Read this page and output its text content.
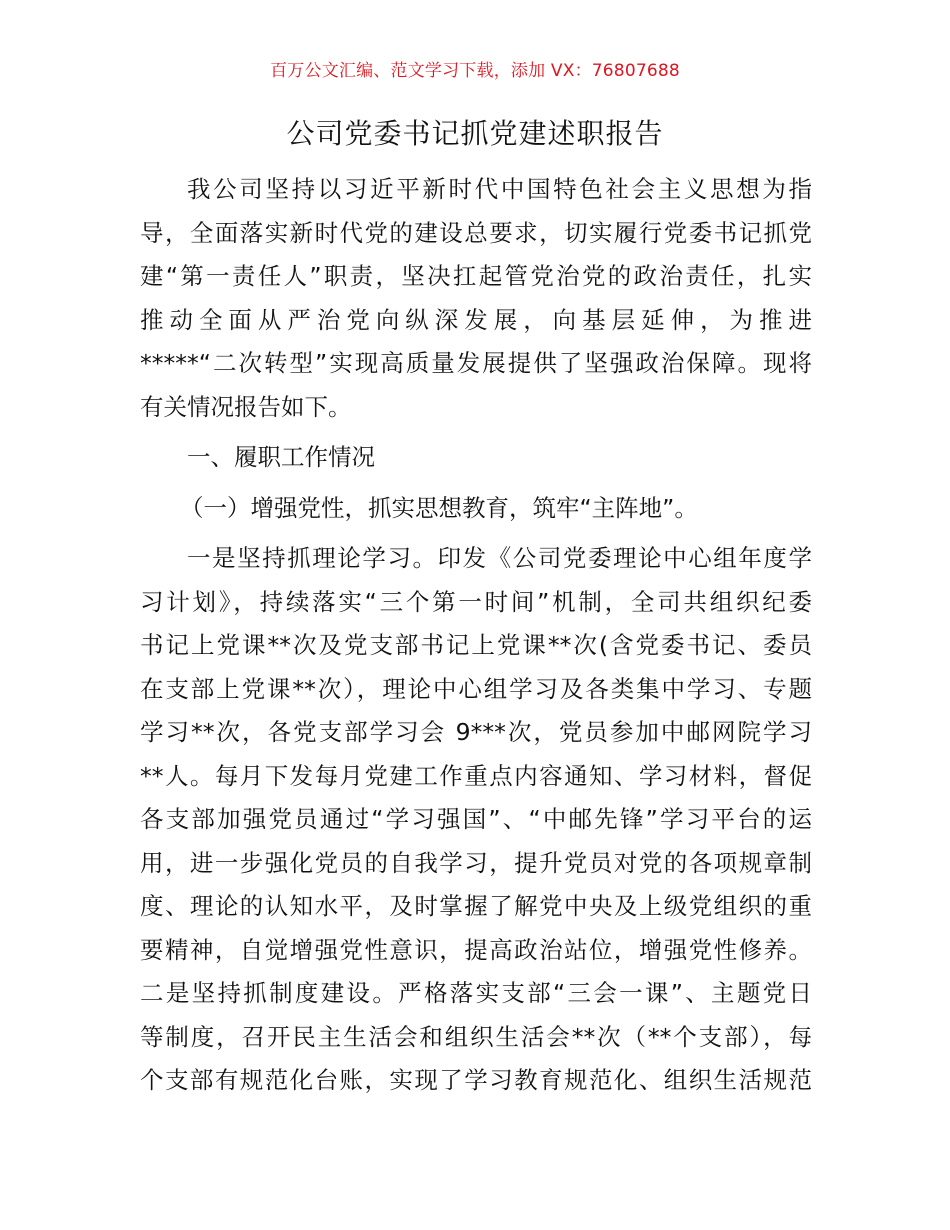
百万公文汇编、范文学习下载，添加 VX：76807688
公司党委书记抓党建述职报告
我公司坚持以习近平新时代中国特色社会主义思想为指
导，全面落实新时代党的建设总要求，切实履行党委书记抓党
建“第一责任人”职责，坚决扛起管党治党的政治责任，扎实
推动全面从严治党向纵深发展，向基层延伸，为推进
*****“二次转型”实现高质量发展提供了坚强政治保障。现将
有关情况报告如下。
一、履职工作情况
（一）增强党性，抓实思想教育，筑牢“主阵地”。
一是坚持抓理论学习。印发《公司党委理论中心组年度学
习计划》，持续落实“三个第一时间”机制，全司共组织纪委
书记上党课**次及党支部书记上党课**次(含党委书记、委员
在支部上党课**次），理论中心组学习及各类集中学习、专题
学习**次，各党支部学习会 9***次，党员参加中邮网院学习
**人。每月下发每月党建工作重点内容通知、学习材料，督促
各支部加强党员通过“学习强国”、“中邮先锋”学习平台的运
用，进一步强化党员的自我学习，提升党员对党的各项规章制
度、理论的认知水平，及时掌握了解党中央及上级党组织的重
要精神，自觉增强党性意识，提高政治站位，增强党性修养。
二是坚持抓制度建设。严格落实支部“三会一课”、主题党日
等制度，召开民主生活会和组织生活会**次（**个支部），每
个支部有规范化台账，实现了学习教育规范化、组织生活规范
